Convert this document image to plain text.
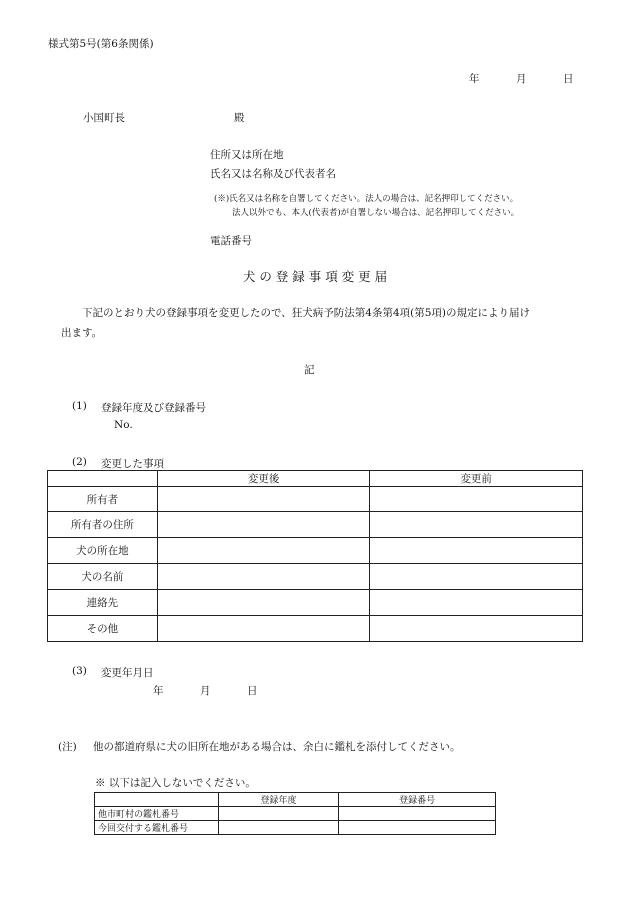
様式第5号(第6条関係)
年	月	日
小国町長	殿
住所又は所在地
氏名又は名称及び代表者名
(※)氏名又は名称を自署してください。法人の場合は、記名押印してください。
法人以外でも、本人(代表者)が自署しない場合は、記名押印してください。
電話番号
犬 の 登 録 事 項 変 更 届
下記のとおり犬の登録事項を変更したので、狂犬病予防法第4条第4項(第5項)の規定により届け
出ます。
記
(1) 登録年度及び登録番号
No.
(2) 変更した事項
	変更後	変更前
所有者		
所有者の住所		
犬の所在地		
犬の名前		
連絡先		
その他		
(3) 変更年月日
年	月	日
(注) 他の都道府県に犬の旧所在地がある場合は、余白に鑑札を添付してください。
※ 以下は記入しないでください。
	登録年度	登録番号
他市町村の鑑札番号		
今回交付する鑑札番号		
